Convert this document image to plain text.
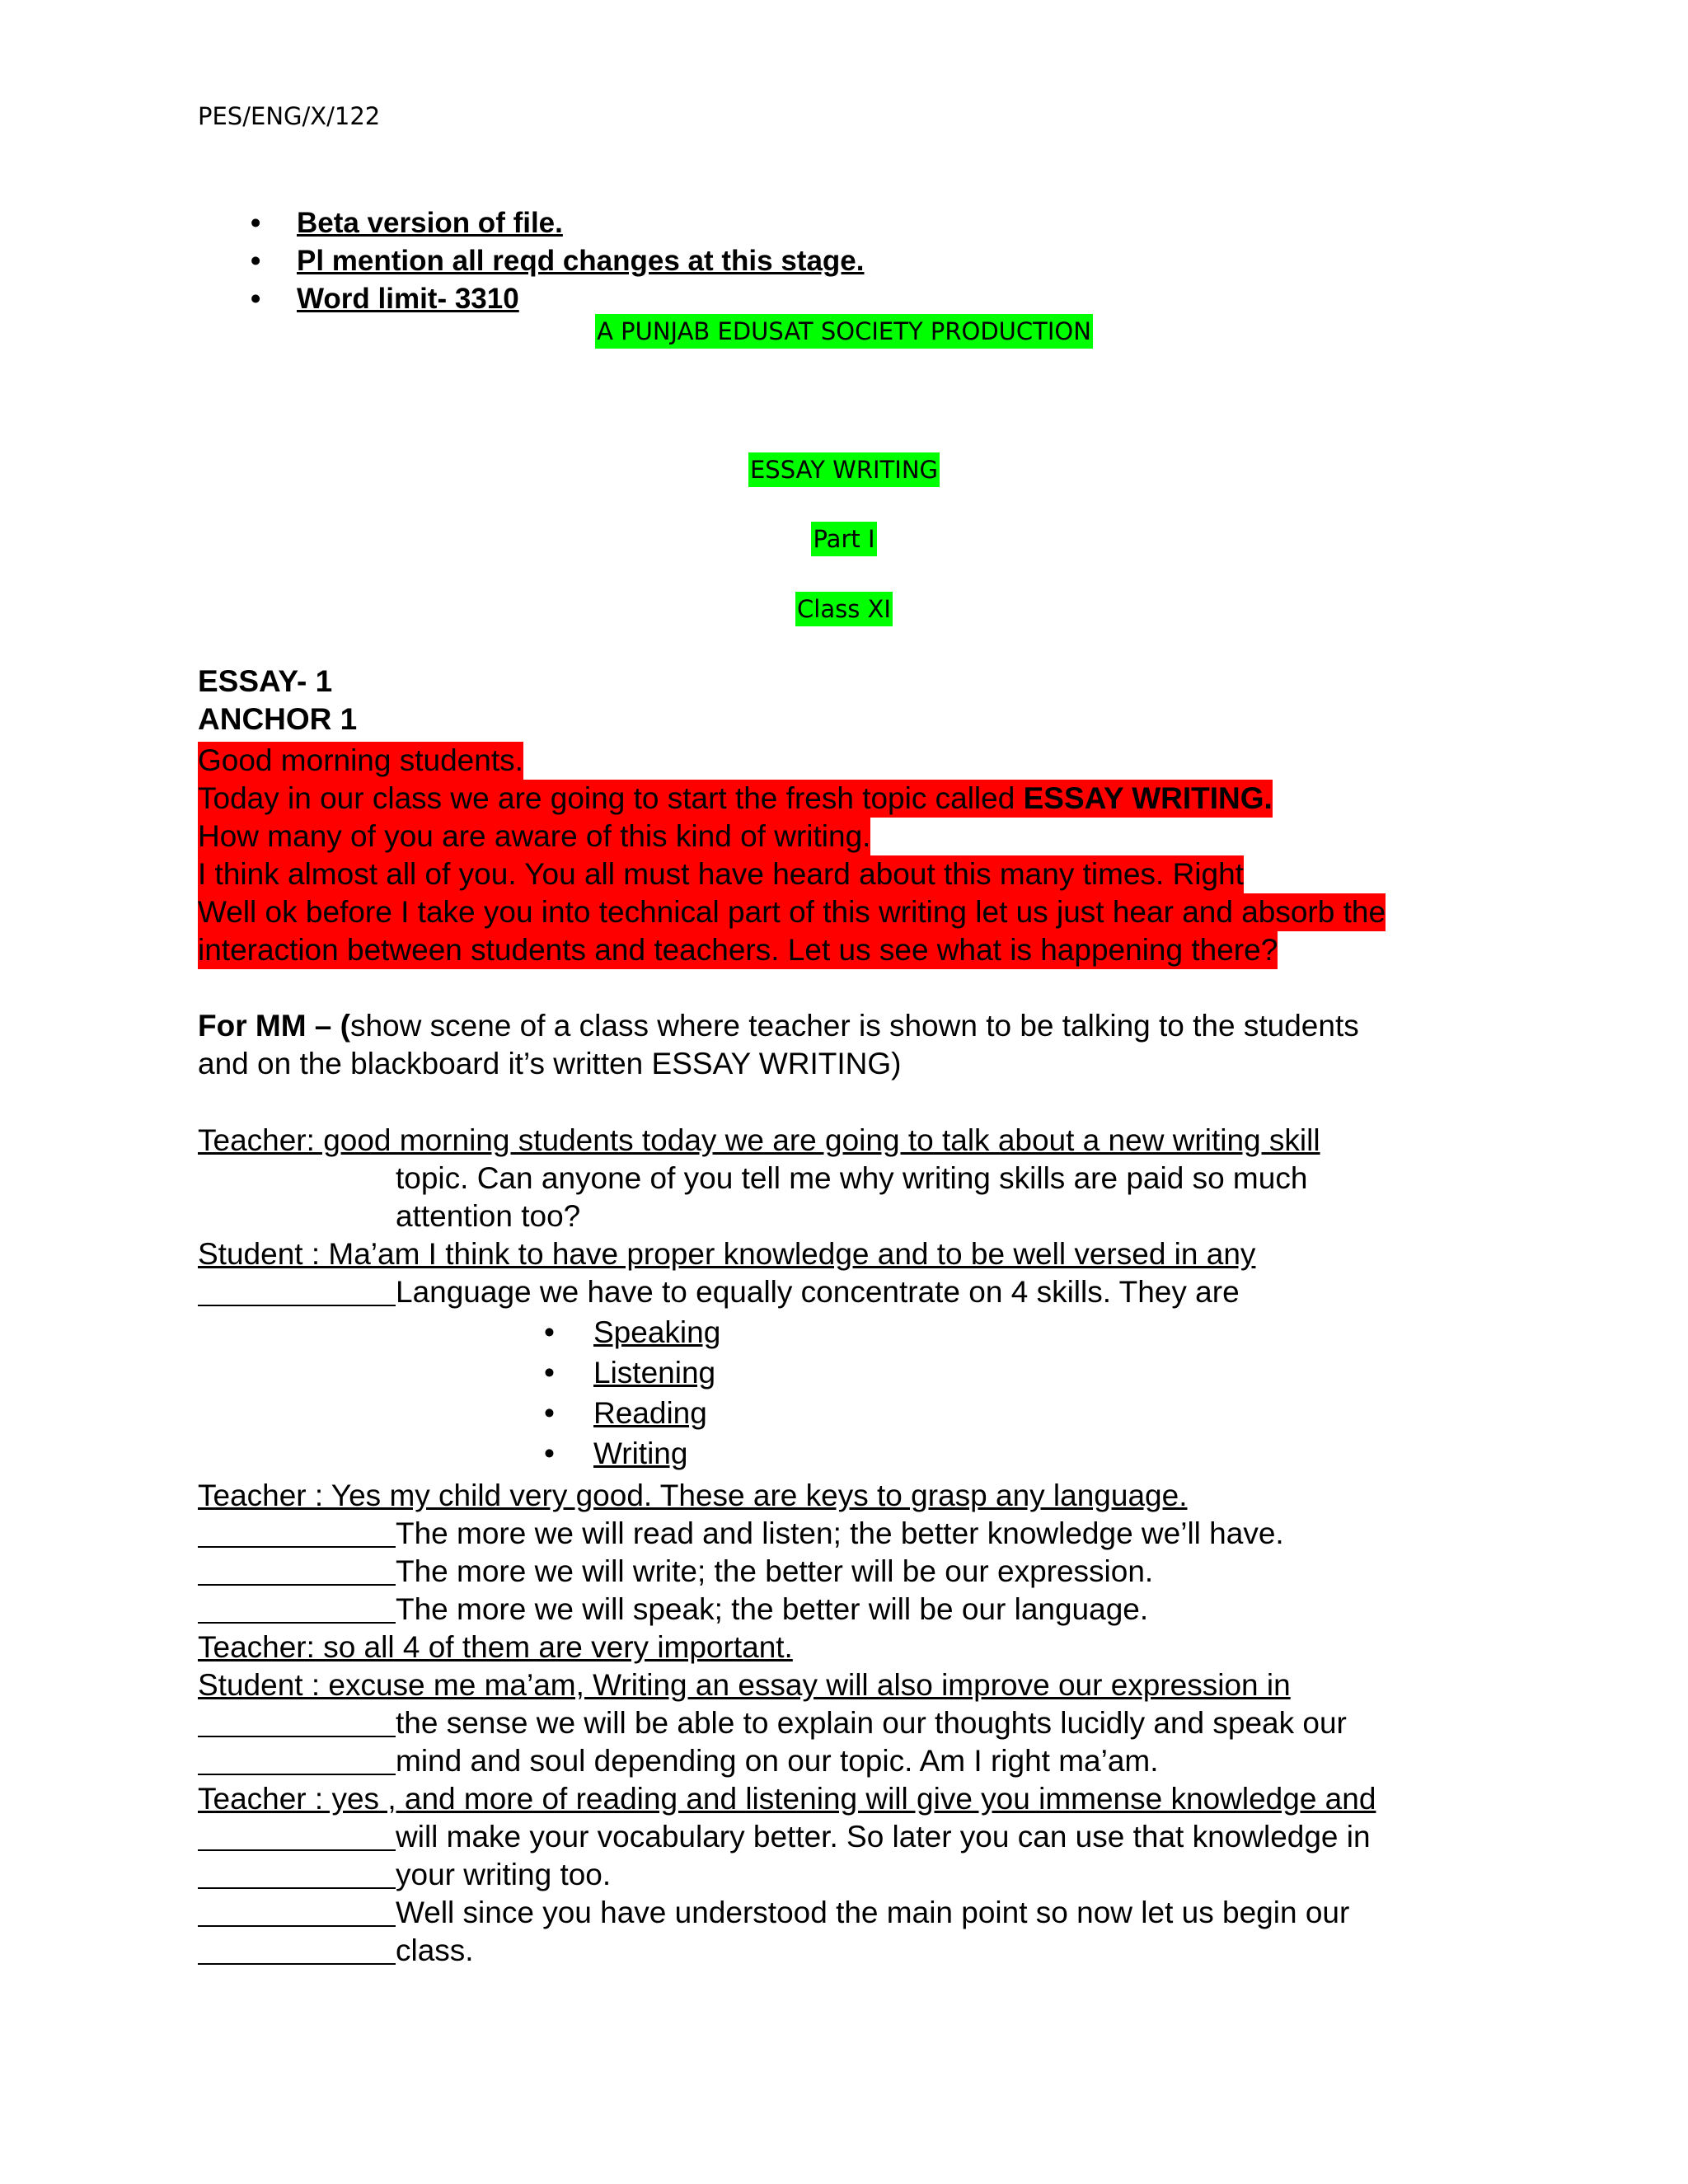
PES/ENG/X/122
• Beta version of file.
• Pl mention all reqd changes at this stage.
• Word limit- 3310
A PUNJAB EDUSAT SOCIETY PRODUCTION
ESSAY WRITING
Part I
Class XI
ESSAY- 1
ANCHOR 1
Good morning students.
Today in our class we are going to start the fresh topic called ESSAY WRITING.
How many of you are aware of this kind of writing.
I think almost all of you. You all must have heard about this many times. Right
Well ok before I take you into technical part of this writing let us just hear and absorb the
interaction between students and teachers. Let us see what is happening there?
For MM – (show scene of a class where teacher is shown to be talking to the students
and on the blackboard it’s written ESSAY WRITING)
Teacher: good morning students today we are going to talk about a new writing skill
topic. Can anyone of you tell me why writing skills are paid so much
attention too?
Student : Ma’am I think to have proper knowledge and to be well versed in any
Language we have to equally concentrate on 4 skills. They are
• Speaking
• Listening
• Reading
• Writing
Teacher : Yes my child very good. These are keys to grasp any language.
The more we will read and listen; the better knowledge we’ll have.
The more we will write; the better will be our expression.
The more we will speak; the better will be our language.
Teacher: so all 4 of them are very important.
Student : excuse me ma’am, Writing an essay will also improve our expression in
the sense we will be able to explain our thoughts lucidly and speak our
mind and soul depending on our topic. Am I right ma’am.
Teacher : yes , and more of reading and listening will give you immense knowledge and
will make your vocabulary better. So later you can use that knowledge in
your writing too.
Well since you have understood the main point so now let us begin our
class.
